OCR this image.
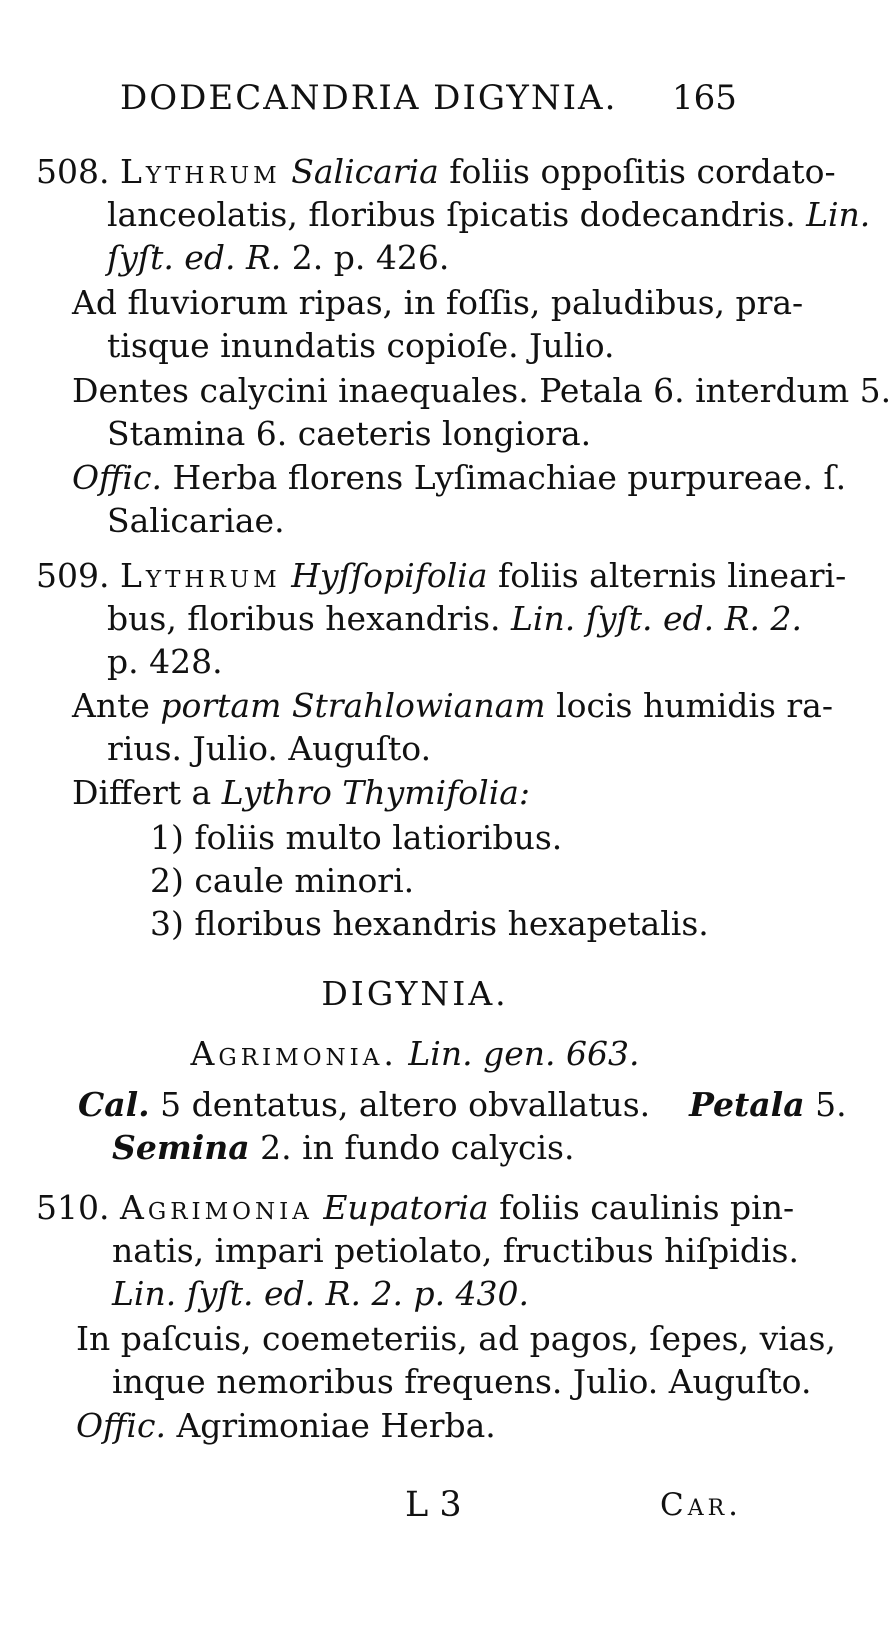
DODECANDRIA DIGYNIA. 165
508. Lythrum Salicaria foliis oppoſitis cordato-
lanceolatis, floribus ſpicatis dodecandris. Lin.
ſyſt. ed. R. 2. p. 426.
Ad fluviorum ripas, in foſſis, paludibus, pra-
tisque inundatis copioſe. Julio.
Dentes calycini inaequales. Petala 6. interdum 5.
Stamina 6. caeteris longiora.
Offic. Herba florens Lyſimachiae purpureae. ſ.
Salicariae.
509. Lythrum Hyſſopifolia foliis alternis lineari-
bus, floribus hexandris. Lin. ſyſt. ed. R. 2.
p. 428.
Ante portam Strahlowianam locis humidis ra-
rius. Julio. Auguſto.
Differt a Lythro Thymifolia:
1) foliis multo latioribus.
2) caule minori.
3) floribus hexandris hexapetalis.
DIGYNIA.
Agrimonia. Lin. gen. 663.
Cal. 5 dentatus, altero obvallatus. Petala 5.
Semina 2. in fundo calycis.
510. Agrimonia Eupatoria foliis caulinis pin-
natis, impari petiolato, fructibus hiſpidis.
Lin. ſyſt. ed. R. 2. p. 430.
In paſcuis, coemeteriis, ad pagos, ſepes, vias,
inque nemoribus frequens. Julio. Auguſto.
Offic. Agrimoniae Herba.
L 3	Car.
